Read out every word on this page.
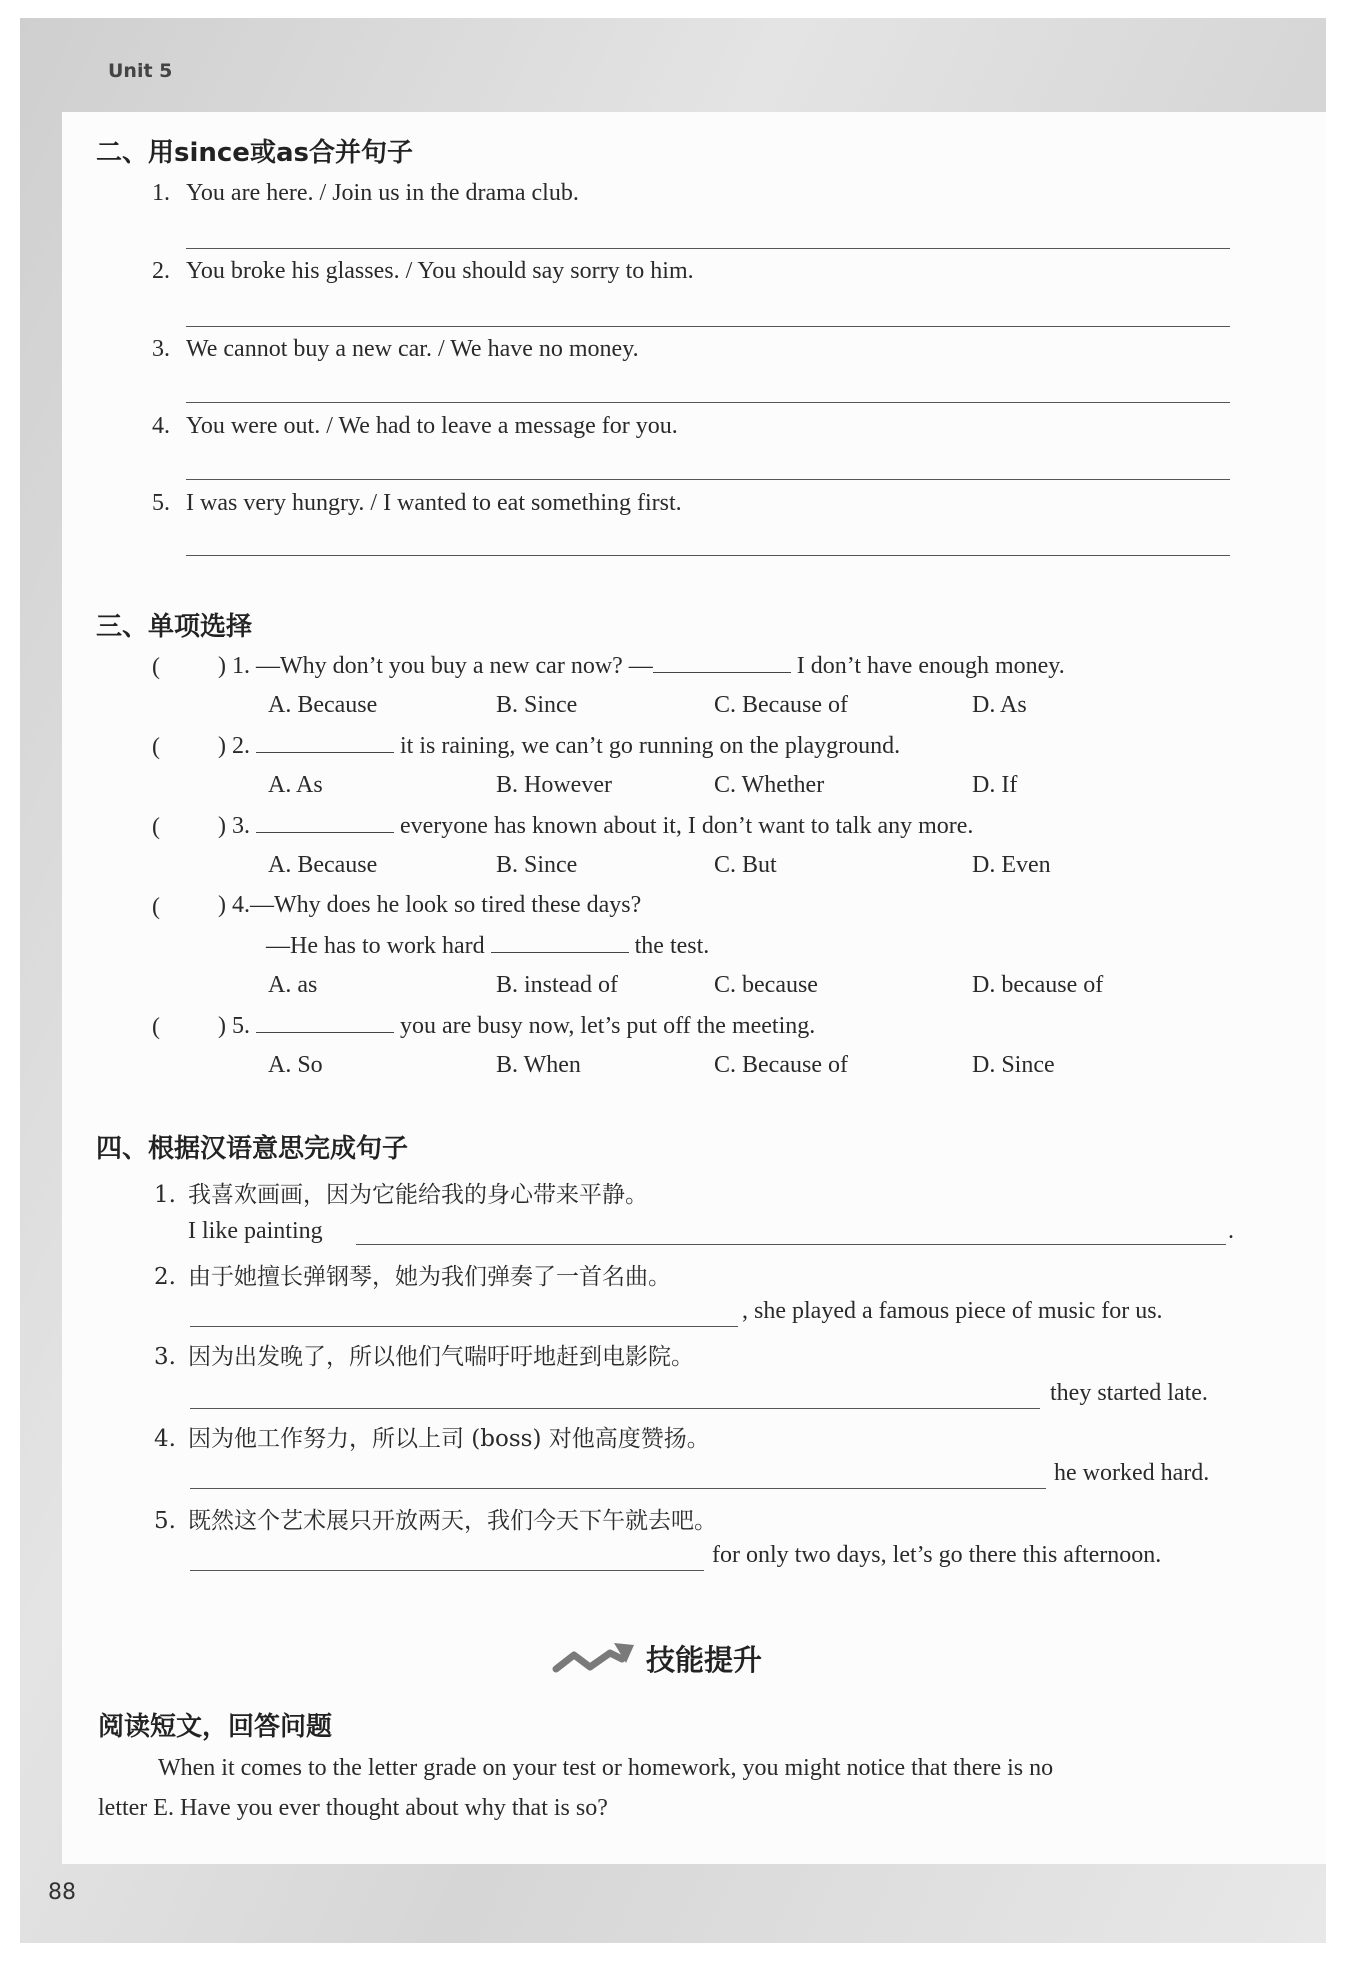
Unit 5
二、用since或as合并句子
1. You are here. / Join us in the drama club.
2. You broke his glasses. / You should say sorry to him.
3. We cannot buy a new car. / We have no money.
4. You were out. / We had to leave a message for you.
5. I was very hungry. / I wanted to eat something first.
三、单项选择
( ) 1. —Why don’t you buy a new car now? —	I don’t have enough money.
A. Because	B. Since	C. Because of	D. As
( ) 2.	it is raining, we can’t go running on the playground.
A. As	B. However	C. Whether	D. If
( ) 3.	everyone has known about it, I don’t want to talk any more.
A. Because	B. Since	C. But	D. Even
( ) 4.—Why does he look so tired these days?
—He has to work hard	the test.
A. as	B. instead of	C. because	D. because of
( ) 5.	you are busy now, let’s put off the meeting.
A. So	B. When	C. Because of	D. Since
四、根据汉语意思完成句子
1. 我喜欢画画，因为它能给我的身心带来平静。
I like painting	.
2. 由于她擅长弹钢琴，她为我们弹奏了一首名曲。
, she played a famous piece of music for us.
3. 因为出发晚了，所以他们气喘吁吁地赶到电影院。
they started late.
4. 因为他工作努力，所以上司 (boss) 对他高度赞扬。
he worked hard.
5. 既然这个艺术展只开放两天，我们今天下午就去吧。
for only two days, let’s go there this afternoon.
技能提升
阅读短文，回答问题
When it comes to the letter grade on your test or homework, you might notice that there is no
letter E. Have you ever thought about why that is so?
88
